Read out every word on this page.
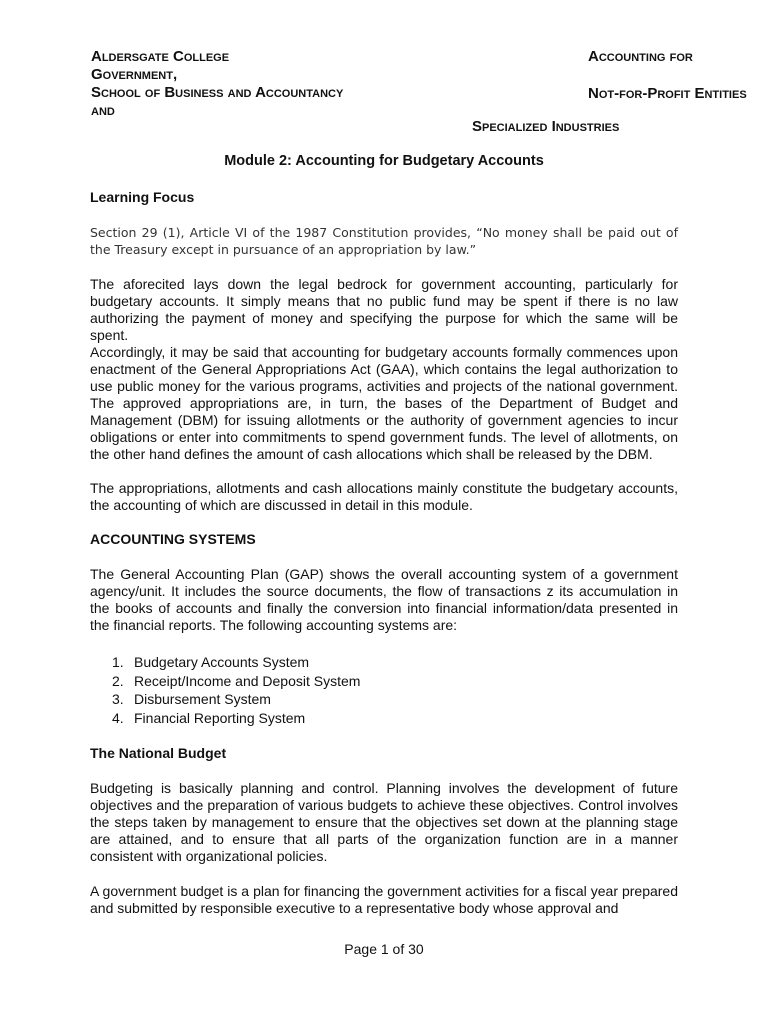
Aldersgate College
Government,
School of Business and Accountancy
and
Accounting for
Not-for-Profit Entities
Specialized Industries
Module 2: Accounting for Budgetary Accounts
Learning Focus

Section 29 (1), Article VI of the 1987 Constitution provides, “No money shall be paid out of the Treasury except in pursuance of an appropriation by law.”

The aforecited lays down the legal bedrock for government accounting, particularly for budgetary accounts. It simply means that no public fund may be spent if there is no law authorizing the payment of money and specifying the purpose for which the same will be spent.

Accordingly, it may be said that accounting for budgetary accounts formally commences upon enactment of the General Appropriations Act (GAA), which contains the legal authorization to use public money for the various programs, activities and projects of the national government. The approved appropriations are, in turn, the bases of the Department of Budget and Management (DBM) for issuing allotments or the authority of government agencies to incur obligations or enter into commitments to spend government funds. The level of allotments, on the other hand defines the amount of cash allocations which shall be released by the DBM.

The appropriations, allotments and cash allocations mainly constitute the budgetary accounts, the accounting of which are discussed in detail in this module.

ACCOUNTING SYSTEMS

The General Accounting Plan (GAP) shows the overall accounting system of a government agency/unit. It includes the source documents, the flow of transactions z its accumulation in the books of accounts and finally the conversion into financial information/data presented in the financial reports. The following accounting systems are:

1. Budgetary Accounts System
2. Receipt/Income and Deposit System
3. Disbursement System
4. Financial Reporting System
The National Budget

Budgeting is basically planning and control. Planning involves the development of future objectives and the preparation of various budgets to achieve these objectives. Control involves the steps taken by management to ensure that the objectives set down at the planning stage are attained, and to ensure that all parts of the organization function are in a manner consistent with organizational policies.

A government budget is a plan for financing the government activities for a fiscal year prepared and submitted by responsible executive to a representative body whose approval and

Page 1 of 30
